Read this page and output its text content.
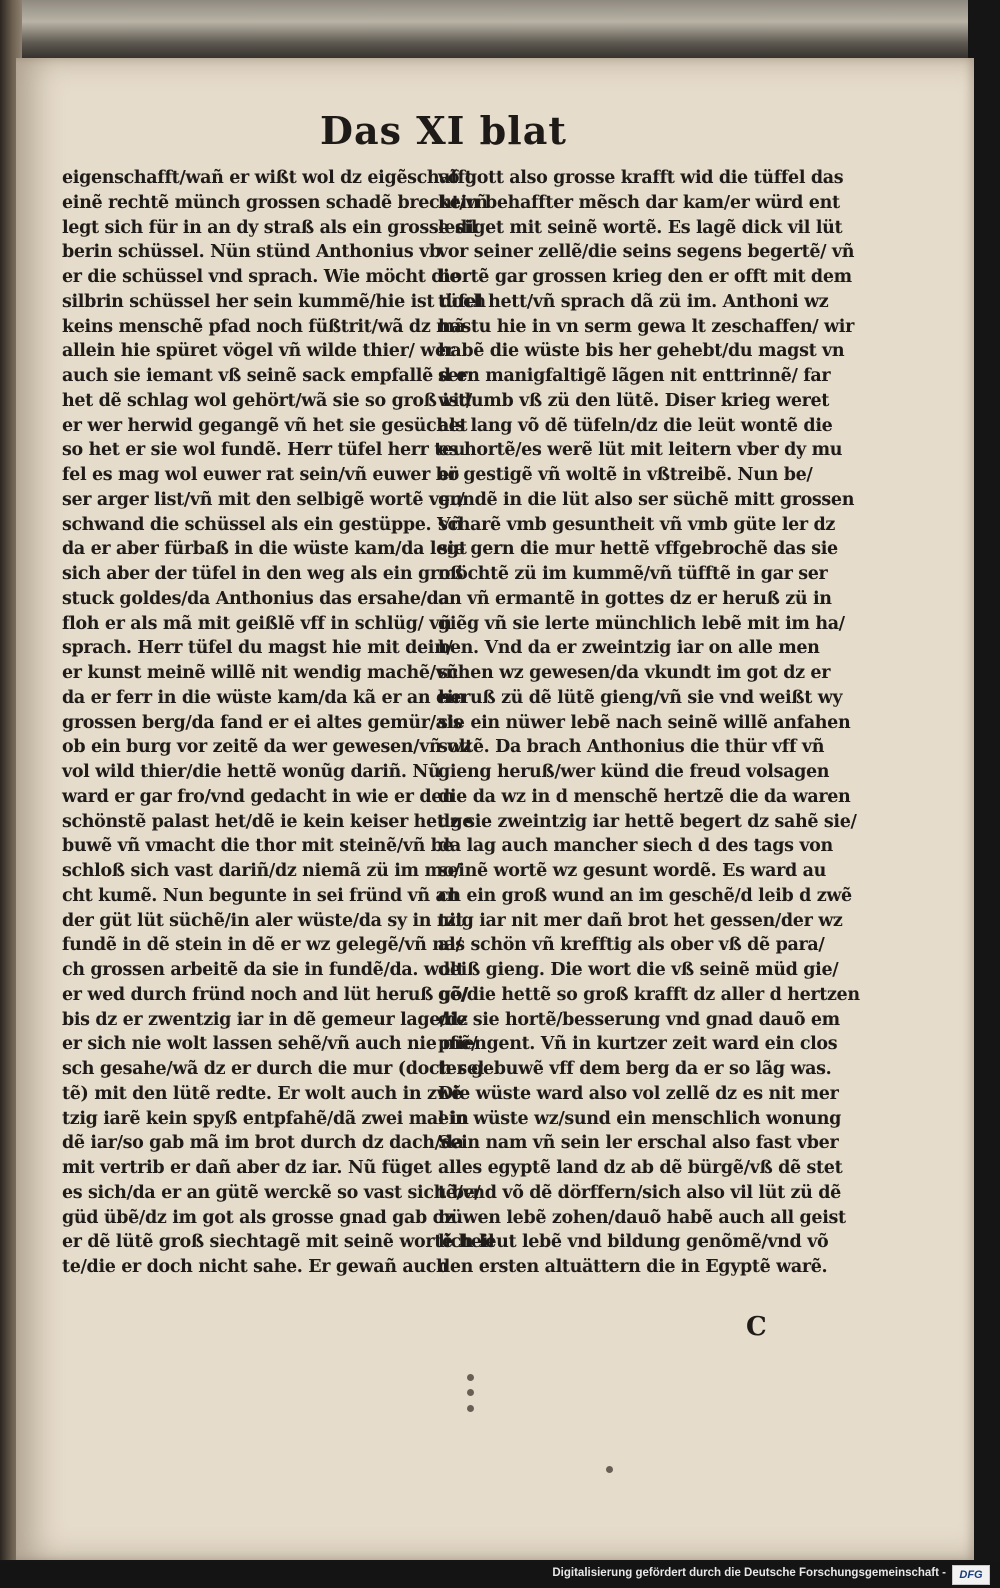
Das XI blat
eigenschafft/wañ er wißt wol dz eigẽschafft
einẽ rechtẽ münch grossen schadẽ brecht/vñ
legt sich für in an dy straß als ein grosse sil
berin schüssel. Nün stünd Anthonius vb
er die schüssel vnd sprach. Wie möcht die
silbrin schüssel her sein kummẽ/hie ist doch
keins menschẽ pfad noch füßtrit/wã dz mã
allein hie spüret vögel vñ wilde thier/ wer
auch sie iemant vß seinẽ sack empfallẽ d er
het dẽ schlag wol gehört/wã sie so groß ist/
er wer herwid gegangẽ vñ het sie gesüchet
so het er sie wol fundẽ. Herr tüfel herr teu
fel es mag wol euwer rat sein/vñ euwer bö
ser arger list/vñ mit den selbigẽ wortẽ ver/
schwand die schüssel als ein gestüppe. Vñ
da er aber fürbaß in die wüste kam/da legt
sich aber der tüfel in den weg als ein groß
stuck goldes/da Anthonius das ersahe/da
floh er als mã mit geißlẽ vff in schlüg/ vñ
sprach. Herr tüfel du magst hie mit dein/
er kunst meinẽ willẽ nit wendig machẽ/vñ
da er ferr in die wüste kam/da kã er an ein
grossen berg/da fand er ei altes gemür/als
ob ein burg vor zeitẽ da wer gewesen/vñ wz
vol wild thier/die hettẽ wonũg dariñ. Nũ
ward er gar fro/vnd gedacht in wie er den
schönstẽ palast het/dẽ ie kein keiser het ge
buwẽ vñ vmacht die thor mit steinẽ/vñ be
schloß sich vast dariñ/dz niemã zü im mo/
cht kumẽ. Nun begunte in sei fründ vñ an
der güt lüt süchẽ/in aler wüste/da sy in nit
fundẽ in dẽ stein in dẽ er wz gelegẽ/vñ na/
ch grossen arbeitẽ da sie in fundẽ/da. wolt
er wed durch fründ noch and lüt heruß gõ/
bis dz er zwentzig iar in dẽ gemeur lage/dz
er sich nie wolt lassen sehẽ/vñ auch nie mẽ/
sch gesahe/wã dz er durch die mur (doch sel
tẽ) mit den lütẽ redte. Er wolt auch in zwẽ
tzig iarẽ kein spyß entpfahẽ/dã zwei mal in
dẽ iar/so gab mã im brot durch dz dach/da
mit vertrib er dañ aber dz iar. Nũ füget
es sich/da er an gütẽ werckẽ so vast sich be/
güd übẽ/dz im got als grosse gnad gab dz
er dẽ lütẽ groß siechtagẽ mit seinẽ wortẽ heil
te/die er doch nicht sahe. Er gewañ auch
võ gott also grosse krafft wid die tüffel das
kein behaffter mẽsch dar kam/er würd ent
lediget mit seinẽ wortẽ. Es lagẽ dick vil lüt
vor seiner zellẽ/die seins segens begertẽ/ vñ
hortẽ gar grossen krieg den er offt mit dem
tüfel hett/vñ sprach dã zü im. Anthoni wz
hastu hie in vn serm gewa lt zeschaffen/ wir
habẽ die wüste bis her gehebt/du magst vn
sern manigfaltigẽ lãgen nit enttrinnẽ/ far
widumb vß zü den lütẽ. Diser krieg weret
als lang võ dẽ tüfeln/dz die leüt wontẽ die
es hortẽ/es werẽ lüt mit leitern vber dy mu
er gestigẽ vñ woltẽ in vßtreibẽ. Nun be/
gundẽ in die lüt also ser süchẽ mitt grossen
scharẽ vmb gesuntheit vñ vmb güte ler dz
sie gern die mur hettẽ vffgebrochẽ das sie
möchtẽ zü im kummẽ/vñ tüfftẽ in gar ser
an vñ ermantẽ in gottes dz er heruß zü in
giẽg vñ sie lerte münchlich lebẽ mit im ha/
ben. Vnd da er zweintzig iar on alle men
schen wz gewesen/da vkundt im got dz er
heruß zü dẽ lütẽ gieng/vñ sie vnd weißt wy
sie ein nüwer lebẽ nach seinẽ willẽ anfahen
soltẽ. Da brach Anthonius die thür vff vñ
gieng heruß/wer künd die freud volsagen
die da wz in d menschẽ hertzẽ die da waren
dz sie zweintzig iar hettẽ begert dz sahẽ sie/
da lag auch mancher siech d des tags von
seinẽ wortẽ wz gesunt wordẽ. Es ward au
ch ein groß wund an im geschẽ/d leib d zwẽ
tzig iar nit mer dañ brot het gessen/der wz
als schön vñ krefftig als ober vß dẽ para/
deiß gieng. Die wort die vß seinẽ müd gie/
gẽ/die hettẽ so groß krafft dz aller d hertzen
die sie hortẽ/besserung vnd gnad dauõ em
pfiengent. Vñ in kurtzer zeit ward ein clos
ter gebuwẽ vff dem berg da er so lãg was.
Die wüste ward also vol zellẽ dz es nit mer
ein wüste wz/sund ein menschlich wonung
Sein nam vñ sein ler erschal also fast vber
alles egyptẽ land dz ab dẽ bürgẽ/vß dẽ stet
tẽ/vnd võ dẽ dörffern/sich also vil lüt zü dẽ
nüwen lebẽ zohen/dauõ habẽ auch all geist
lich leut lebẽ vnd bildung genõmẽ/vnd võ
den ersten altuättern die in Egyptẽ warẽ.

C

Digitalisierung gefördert durch die Deutsche Forschungsgemeinschaft -	DFG
